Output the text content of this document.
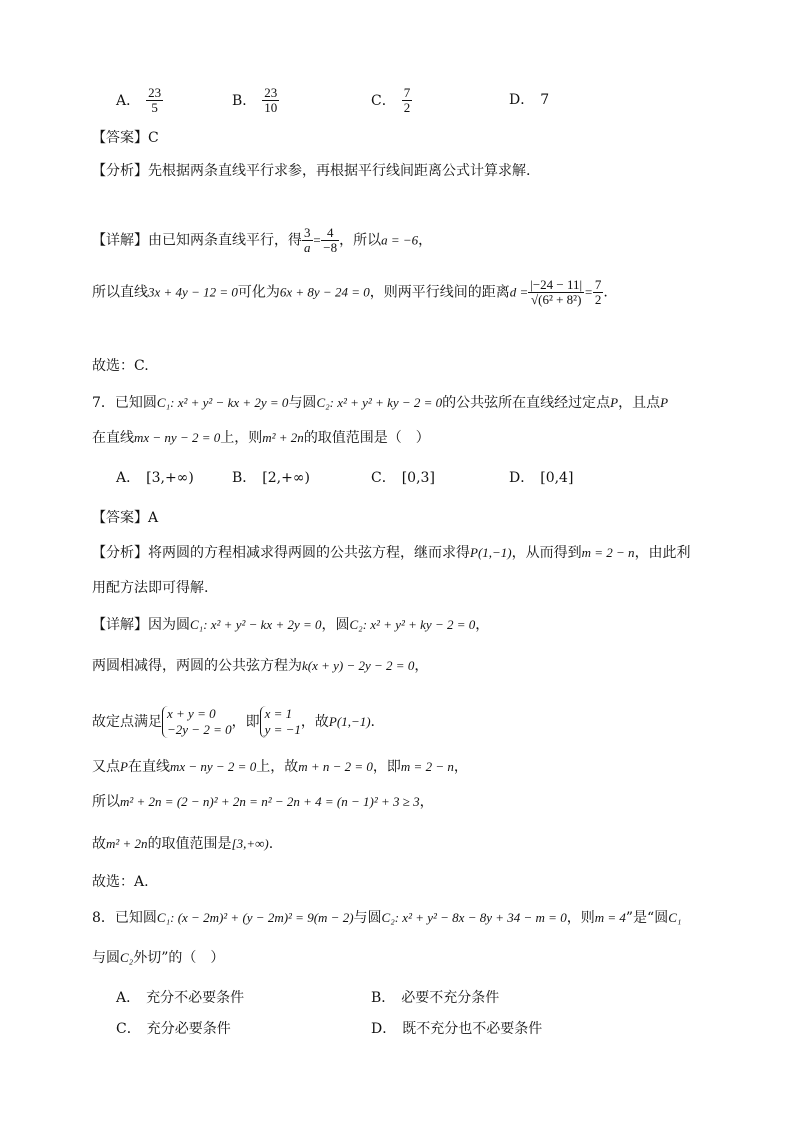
A． $\frac{23}{5}$	B． $\frac{23}{10}$	C． $\frac{7}{2}$	D． 7
【答案】C
【分析】先根据两条直线平行求参，再根据平行线间距离公式计算求解.
【详解】由已知两条直线平行，得 $\frac{3}{a} = \frac{4}{-8}$ ，所以a = −6，
所以直线3x + 4y − 12 = 0可化为6x + 8y − 24 = 0，则两平行线间的距离$d = \frac{|-24 - 11|}{\text{√(6² + 8²)}} = \frac{7}{2}$ .
故选：C.
7．已知圆C₁: x² + y² − kx + 2y = 0与圆C₂: x² + y² + ky − 2 = 0的公共弦所在直线经过定点P，且点P
在直线mx − ny − 2 = 0上，则m² + 2n的取值范围是（　）
A． [3,+∞)	B． [2,+∞)	C． [0,3]	D． [0,4]
【答案】A
【分析】将两圆的方程相减求得两圆的公共弦方程，继而求得P(1,−1)，从而得到m = 2 − n，由此利
用配方法即可得解.
【详解】因为圆C₁: x² + y² − kx + 2y = 0，圆C₂: x² + y² + ky − 2 = 0，
两圆相减得，两圆的公共弦方程为k(x + y) − 2y − 2 = 0，
故定点满足
x + y = 0
−2y − 2 = 0 ，即
x = 1
y = −1 ，故P(1,−1).
又点P在直线mx − ny − 2 = 0上，故m + n − 2 = 0，即m = 2 − n，
所以m² + 2n = (2 − n)² + 2n = n² − 2n + 4 = (n − 1)² + 3 ≥ 3，
故m² + 2n的取值范围是[3,+∞).
故选：A.
8．已知圆C₁: (x − 2m)² + (y − 2m)² = 9(m − 2)与圆C₂: x² + y² − 8x − 8y + 34 − m = 0，则m = 4”是“圆C₁
与圆C₂外切”的（　）
A． 充分不必要条件	B． 必要不充分条件
C． 充分必要条件	D． 既不充分也不必要条件
